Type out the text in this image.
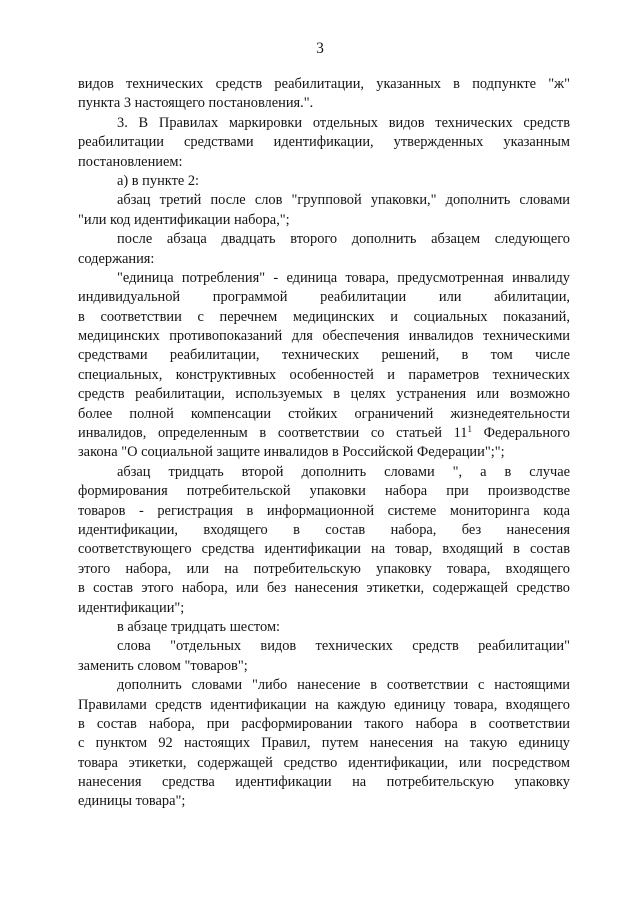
3
видов технических средств реабилитации, указанных в подпункте "ж"
пункта 3 настоящего постановления.".
3. В Правилах маркировки отдельных видов технических средств
реабилитации средствами идентификации, утвержденных указанным
постановлением:
а) в пункте 2:
абзац третий после слов "групповой упаковки," дополнить словами
"или код идентификации набора,";
после абзаца двадцать второго дополнить абзацем следующего
содержания:
"единица потребления" - единица товара, предусмотренная инвалиду
индивидуальной программой реабилитации или абилитации,
в соответствии с перечнем медицинских и социальных показаний,
медицинских противопоказаний для обеспечения инвалидов техническими
средствами реабилитации, технических решений, в том числе
специальных, конструктивных особенностей и параметров технических
средств реабилитации, используемых в целях устранения или возможно
более полной компенсации стойких ограничений жизнедеятельности
инвалидов, определенным в соответствии со статьей $11^1$ Федерального
закона "О социальной защите инвалидов в Российской Федерации";";
абзац тридцать второй дополнить словами ", а в случае
формирования потребительской упаковки набора при производстве
товаров - регистрация в информационной системе мониторинга кода
идентификации, входящего в состав набора, без нанесения
соответствующего средства идентификации на товар, входящий в состав
этого набора, или на потребительскую упаковку товара, входящего
в состав этого набора, или без нанесения этикетки, содержащей средство
идентификации";
в абзаце тридцать шестом:
слова "отдельных видов технических средств реабилитации"
заменить словом "товаров";
дополнить словами "либо нанесение в соответствии с настоящими
Правилами средств идентификации на каждую единицу товара, входящего
в состав набора, при расформировании такого набора в соответствии
с пунктом 92 настоящих Правил, путем нанесения на такую единицу
товара этикетки, содержащей средство идентификации, или посредством
нанесения средства идентификации на потребительскую упаковку
единицы товара";
